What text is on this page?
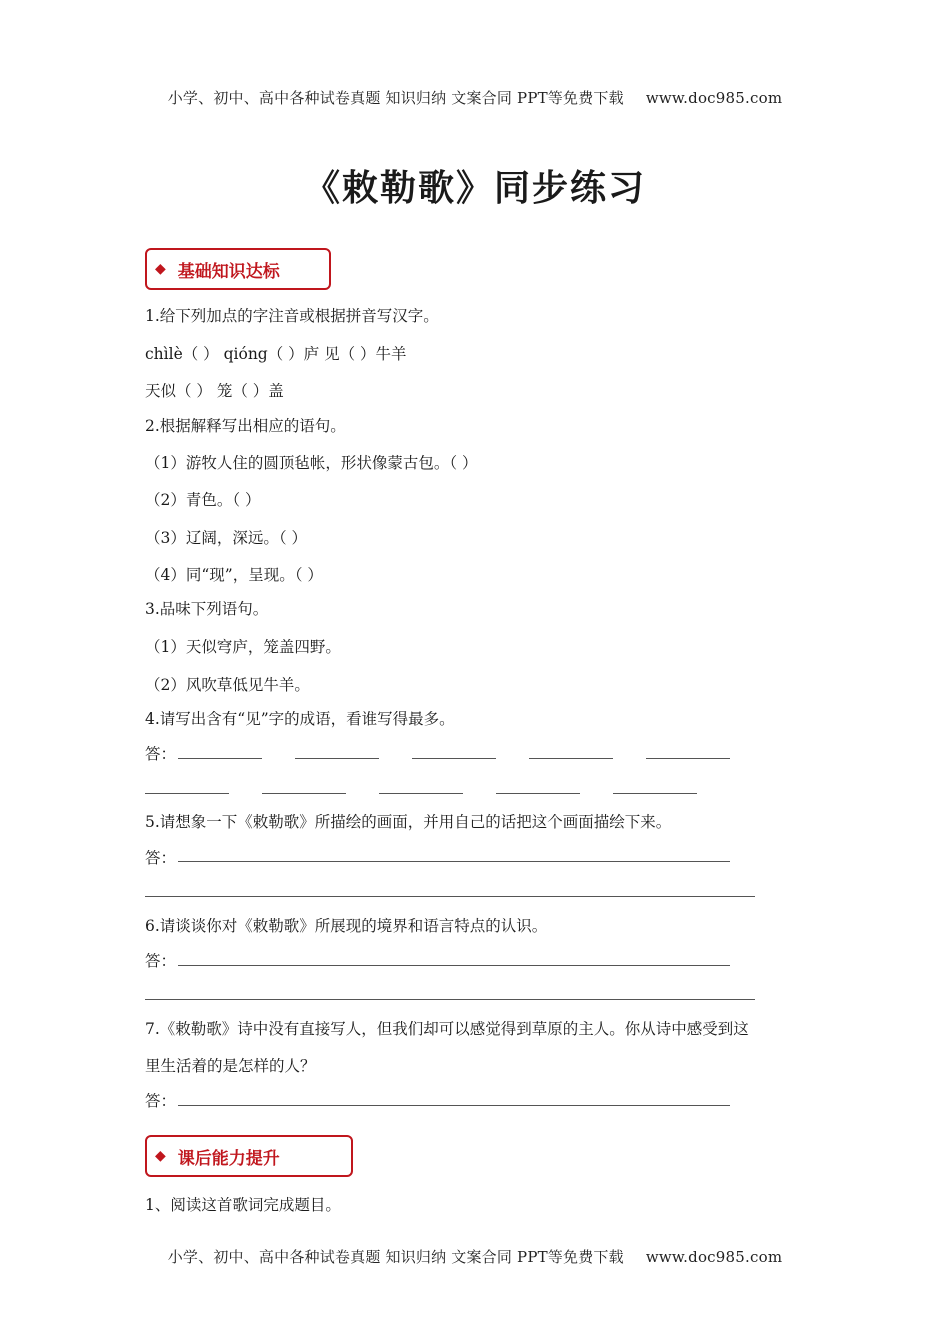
小学、初中、高中各种试卷真题 知识归纳 文案合同 PPT等免费下载 www.doc985.com
《敕勒歌》同步练习
◆ 基础知识达标
1.给下列加点的字注音或根据拼音写汉字。
chìlè（ ） qióng（ ）庐 见（ ）牛羊
天似（ ） 笼（ ）盖
2.根据解释写出相应的语句。
（1）游牧人住的圆顶毡帐，形状像蒙古包。（ ）
（2）青色。（ ）
（3）辽阔，深远。（ ）
（4）同“现”，呈现。（ ）
3.品味下列语句。
（1）天似穹庐，笼盖四野。
（2）风吹草低见牛羊。
4.请写出含有“见”字的成语，看谁写得最多。
答：
5.请想象一下《敕勒歌》所描绘的画面，并用自己的话把这个画面描绘下来。
答：
6.请谈谈你对《敕勒歌》所展现的境界和语言特点的认识。
答：
7.《敕勒歌》诗中没有直接写人，但我们却可以感觉得到草原的主人。你从诗中感受到这
里生活着的是怎样的人？
答：
◆ 课后能力提升
1、阅读这首歌词完成题目。
小学、初中、高中各种试卷真题 知识归纳 文案合同 PPT等免费下载 www.doc985.com
